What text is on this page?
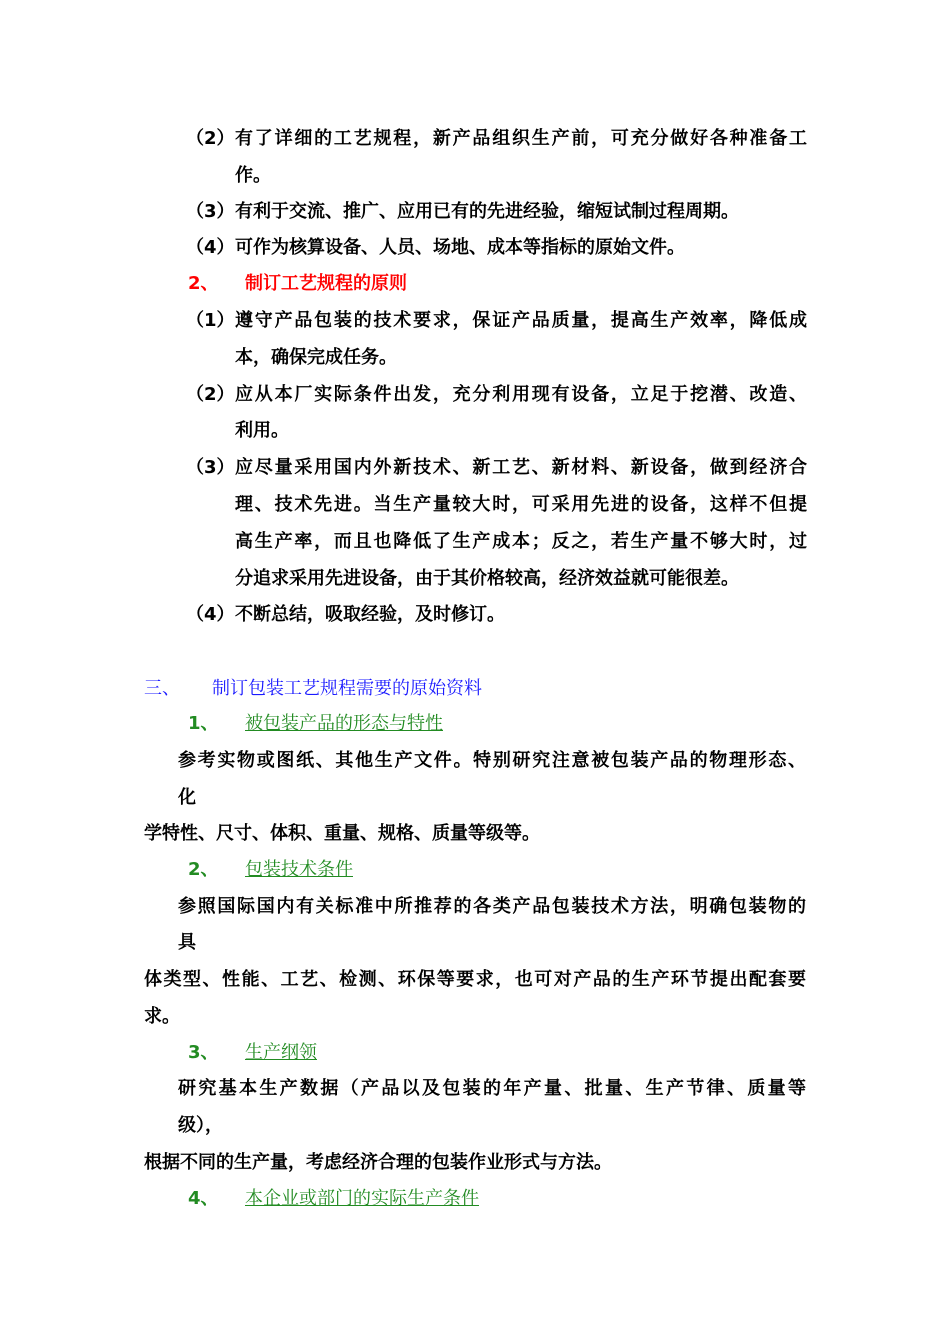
（2） 有了详细的工艺规程，新产品组织生产前，可充分做好各种准备工
作。
（3） 有利于交流、推广、应用已有的先进经验，缩短试制过程周期。
（4） 可作为核算设备、人员、场地、成本等指标的原始文件。
2、 制订工艺规程的原则
（1） 遵守产品包装的技术要求，保证产品质量，提高生产效率，降低成
本，确保完成任务。
（2） 应从本厂实际条件出发，充分利用现有设备，立足于挖潜、改造、
利用。
（3） 应尽量采用国内外新技术、新工艺、新材料、新设备，做到经济合
理、技术先进。当生产量较大时，可采用先进的设备，这样不但提
高生产率，而且也降低了生产成本；反之，若生产量不够大时，过
分追求采用先进设备，由于其价格较高，经济效益就可能很差。
（4） 不断总结，吸取经验，及时修订。
三、 制订包装工艺规程需要的原始资料
1、 被包装产品的形态与特性
参考实物或图纸、其他生产文件。特别研究注意被包装产品的物理形态、
化
学特性、尺寸、体积、重量、规格、质量等级等。
2、 包装技术条件
参照国际国内有关标准中所推荐的各类产品包装技术方法，明确包装物的
具
体类型、性能、工艺、检测、环保等要求，也可对产品的生产环节提出配套要
求。
3、 生产纲领
研究基本生产数据（产品以及包装的年产量、批量、生产节律、质量等
级），
根据不同的生产量，考虑经济合理的包装作业形式与方法。
4、 本企业或部门的实际生产条件
